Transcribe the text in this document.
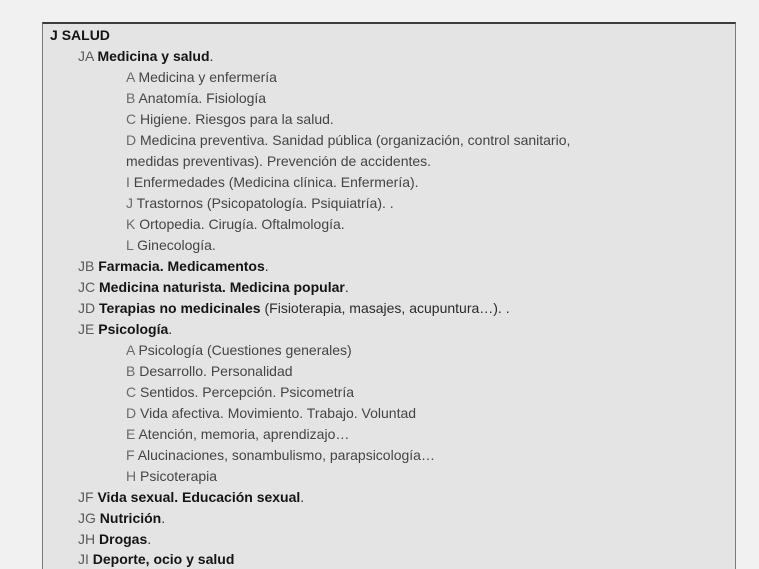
J SALUD
JA Medicina y salud.
A Medicina y enfermería
B Anatomía. Fisiología
C Higiene. Riesgos para la salud.
D Medicina preventiva. Sanidad pública (organización, control sanitario,
medidas preventivas). Prevención de accidentes.
I Enfermedades (Medicina clínica. Enfermería).
J Trastornos (Psicopatología. Psiquiatría). .
K Ortopedia. Cirugía. Oftalmología.
L Ginecología.
JB Farmacia. Medicamentos.
JC Medicina naturista. Medicina popular.
JD Terapias no medicinales (Fisioterapia, masajes, acupuntura…). .
JE Psicología.
A Psicología (Cuestiones generales)
B Desarrollo. Personalidad
C Sentidos. Percepción. Psicometría
D Vida afectiva. Movimiento. Trabajo. Voluntad
E Atención, memoria, aprendizajo…
F Alucinaciones, sonambulismo, parapsicología…
H Psicoterapia
JF Vida sexual. Educación sexual.
JG Nutrición.
JH Drogas.
JI Deporte, ocio y salud
